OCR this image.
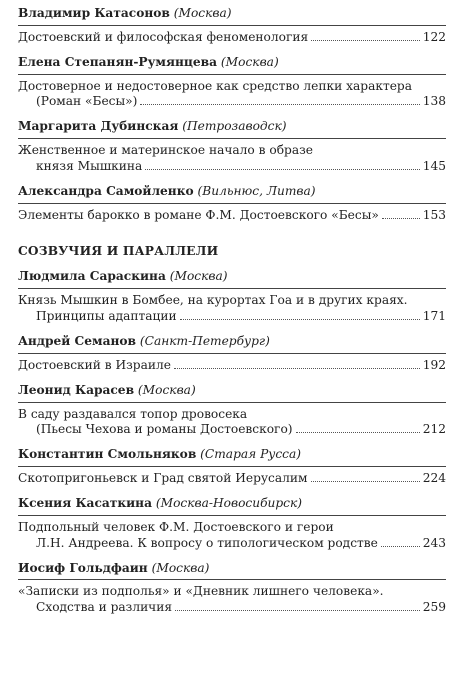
Владимир Катасонов (Москва)
Достоевский и философская феноменология	122
Елена Степанян-Румянцева (Москва)
Достоверное и недостоверное как средство лепки характера
(Роман «Бесы»)	138
Маргарита Дубинская (Петрозаводск)
Женственное и материнское начало в образе
князя Мышкина	145
Александра Самойленко (Вильнюс, Литва)
Элементы барокко в романе Ф.М. Достоевского «Бесы»	153
СОЗВУЧИЯ И ПАРАЛЛЕЛИ
Людмила Сараскина (Москва)
Князь Мышкин в Бомбее, на курортах Гоа и в других краях.
Принципы адаптации	171
Андрей Семанов (Санкт-Петербург)
Достоевский в Израиле	192
Леонид Карасев (Москва)
В саду раздавался топор дровосека
(Пьесы Чехова и романы Достоевского)	212
Константин Смольняков (Старая Русса)
Скотопригоньевск и Град святой Иерусалим	224
Ксения Касаткина (Москва-Новосибирск)
Подпольный человек Ф.М. Достоевского и герои
Л.Н. Андреева. К вопросу о типологическом родстве	243
Иосиф Гольдфаин (Москва)
«Записки из подполья» и «Дневник лишнего человека».
Сходства и различия	259
